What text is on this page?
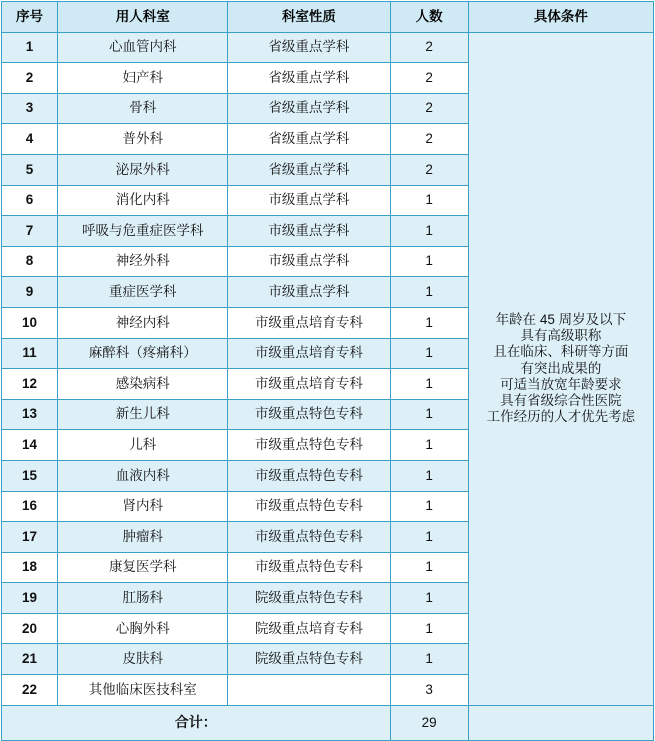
序号	用人科室	科室性质	人数	具体条件
1	心血管内科	省级重点学科	2	
年龄在 45 周岁及以下
具有高级职称
且在临床、科研等方面
有突出成果的
可适当放宽年龄要求
具有省级综合性医院
工作经历的人才优先考虑

2	妇产科	省级重点学科	2	
3	骨科	省级重点学科	2	
4	普外科	省级重点学科	2	
5	泌尿外科	省级重点学科	2	
6	消化内科	市级重点学科	1	
7	呼吸与危重症医学科	市级重点学科	1	
8	神经外科	市级重点学科	1	
9	重症医学科	市级重点学科	1	
10	神经内科	市级重点培育专科	1	
11	麻醉科（疼痛科）	市级重点培育专科	1	
12	感染病科	市级重点培育专科	1	
13	新生儿科	市级重点特色专科	1	
14	儿科	市级重点特色专科	1	
15	血液内科	市级重点特色专科	1	
16	肾内科	市级重点特色专科	1	
17	肿瘤科	市级重点特色专科	1	
18	康复医学科	市级重点特色专科	1	
19	肛肠科	院级重点特色专科	1	
20	心胸外科	院级重点培育专科	1	
21	皮肤科	院级重点特色专科	1	
22	其他临床医技科室		3	
合计：			29	
